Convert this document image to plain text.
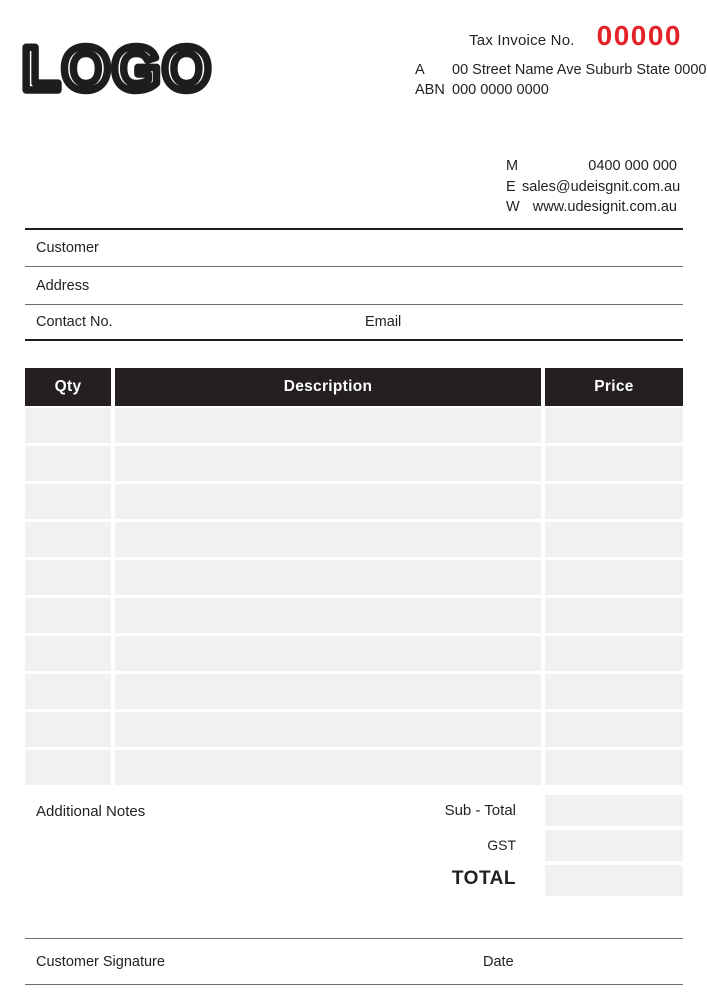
LOGO	Tax Invoice No. 00000
A	00 Street Name Ave Suburb State 0000
ABN 000 0000 0000
M	0400 000 000
E sales@udeisgnit.com.au
W www.udesignit.com.au
Customer
Address
Contact No.	Email
Qty	Description	Price
Additional Notes	Sub - Total
GST
TOTAL
Customer Signature	Date
